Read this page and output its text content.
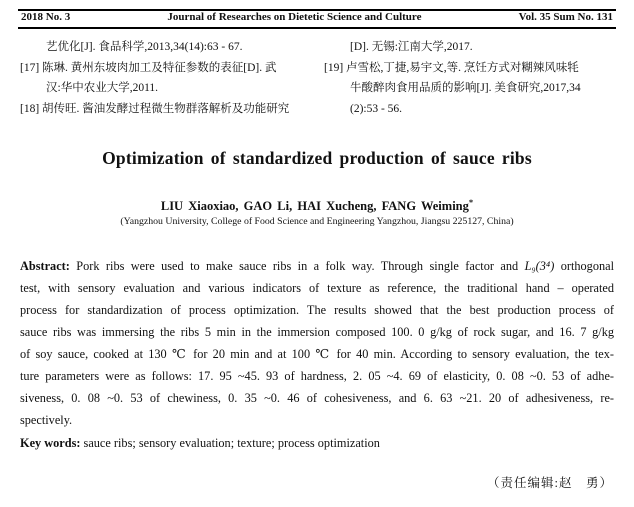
2018 No. 3	Journal of Researches on Dietetic Science and Culture	Vol. 35 Sum No. 131
艺优化[J]. 食品科学,2013,34(14):63 - 67.
[17] 陈琳. 黄州东坡肉加工及特征参数的表征[D]. 武
汉:华中农业大学,2011.
[18] 胡传旺. 酱油发酵过程微生物群落解析及功能研究
[D]. 无锡:江南大学,2017.
[19] 卢雪松,丁捷,易宇文,等. 烹饪方式对糊辣风味牦
牛酸醉肉食用品质的影响[J]. 美食研究,2017,34
(2):53 - 56.
Optimization of standardized production of sauce ribs
LIU Xiaoxiao, GAO Li, HAI Xucheng, FANG Weiming*
(Yangzhou University, College of Food Science and Engineering Yangzhou, Jiangsu 225127, China)
Abstract: Pork ribs were used to make sauce ribs in a folk way. Through single factor and L₉(3⁴) orthogonal
test, with sensory evaluation and various indicators of texture as reference, the traditional hand – operated
process for standardization of process optimization. The results showed that the best production process of
sauce ribs was immersing the ribs 5 min in the immersion composed 100. 0 g/kg of rock sugar, and 16. 7 g/kg
of soy sauce, cooked at 130 ℃ for 20 min and at 100 ℃ for 40 min. According to sensory evaluation, the tex-
ture parameters were as follows: 17. 95 ~45. 93 of hardness, 2. 05 ~4. 69 of elasticity, 0. 08 ~0. 53 of adhe-
siveness, 0. 08 ~0. 53 of chewiness, 0. 35 ~0. 46 of cohesiveness, and 6. 63 ~21. 20 of adhesiveness, re-
spectively.
Key words: sauce ribs; sensory evaluation; texture; process optimization
（责任编辑:赵　勇）
